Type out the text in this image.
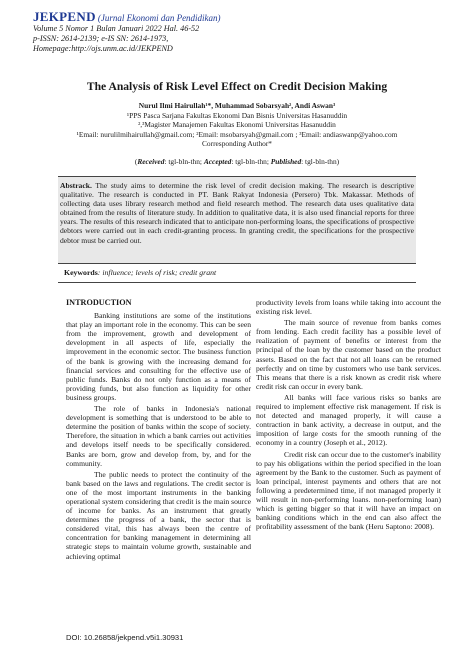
JEKPEND (Jurnal Ekonomi dan Pendidikan)
Volume 5 Nomor 1 Bulan Januari 2022 Hal. 46-52
p-ISSN: 2614-2139; e-IS SN: 2614-1973,
Homepage:http://ojs.unm.ac.id/JEKPEND
The Analysis of Risk Level Effect on Credit Decision Making
Nurul Ilmi Hairullah¹*, Muhammad Sobarsyah², Andi Aswan³
¹PPS Pasca Sarjana Fakultas Ekonomi Dan Bisnis Universitas Hasanuddin
²,³Magister Manajemen Fakultas Ekonomi Universitas Hasanuddin
¹Email: nurulilmihairullah@gmail.com; ²Email: msobarsyah@gmail.com ; ³Email: andiaswanp@yahoo.com
Corresponding Author*
(Received: tgl-bln-thn; Accepted: tgl-bln-thn; Published: tgl-bln-thn)

Abstrack. The study aims to determine the risk level of credit decision making. The research is descriptive qualitative. The research is conducted in PT. Bank Rakyat Indonesia (Persero) Tbk. Makassar. Methods of collecting data uses library research method and field research method. The research data uses qualitative data obtained from the results of literature study. In addition to qualitative data, it is also used financial reports for three years. The results of this research indicated that to anticipate non-performing loans, the specifications of prospective debtors were carried out in each credit-granting process. In granting credit, the specifications for the prospective debtor must be carried out.

Keywords: influence; levels of risk; credit grant

INTRODUCTION

Banking institutions are some of the institutions that play an important role in the economy. This can be seen from the improvement, growth and development of development in all aspects of life, especially the improvement in the economic sector. The business function of the bank is growing with the increasing demand for financial services and consulting for the effective use of public funds. Banks do not only function as a means of providing funds, but also function as liquidity for other business groups.

The role of banks in Indonesia's national development is something that is understood to be able to determine the position of banks within the scope of society. Therefore, the situation in which a bank carries out activities and develops itself needs to be specifically considered. Banks are born, grow and develop from, by, and for the community.

The public needs to protect the continuity of the bank based on the laws and regulations. The credit sector is one of the most important instruments in the banking operational system considering that credit is the main source of income for banks. As an instrument that greatly determines the progress of a bank, the sector that is considered vital, this has always been the centre of concentration for banking management in determining all strategic steps to maintain volume growth, sustainable and achieving optimal

productivity levels from loans while taking into account the existing risk level.

The main source of revenue from banks comes from lending. Each credit facility has a possible level of realization of payment of benefits or interest from the principal of the loan by the customer based on the product assets. Based on the fact that not all loans can be returned perfectly and on time by customers who use bank services. This means that there is a risk known as credit risk where credit risk can occur in every bank.

All banks will face various risks so banks are required to implement effective risk management. If risk is not detected and managed properly, it will cause a contraction in bank activity, a decrease in output, and the imposition of large costs for the smooth running of the economy in a country (Joseph et al., 2012).

Credit risk can occur due to the customer's inability to pay his obligations within the period specified in the loan agreement by the Bank to the customer. Such as payment of loan principal, interest payments and others that are not following a predetermined time, if not managed properly it will result in non-performing loans. non-performing loan) which is getting bigger so that it will have an impact on banking conditions which in the end can also affect the profitability assessment of the bank (Heru Saptono: 2008).

DOI: 10.26858/jekpend.v5i1.30931
